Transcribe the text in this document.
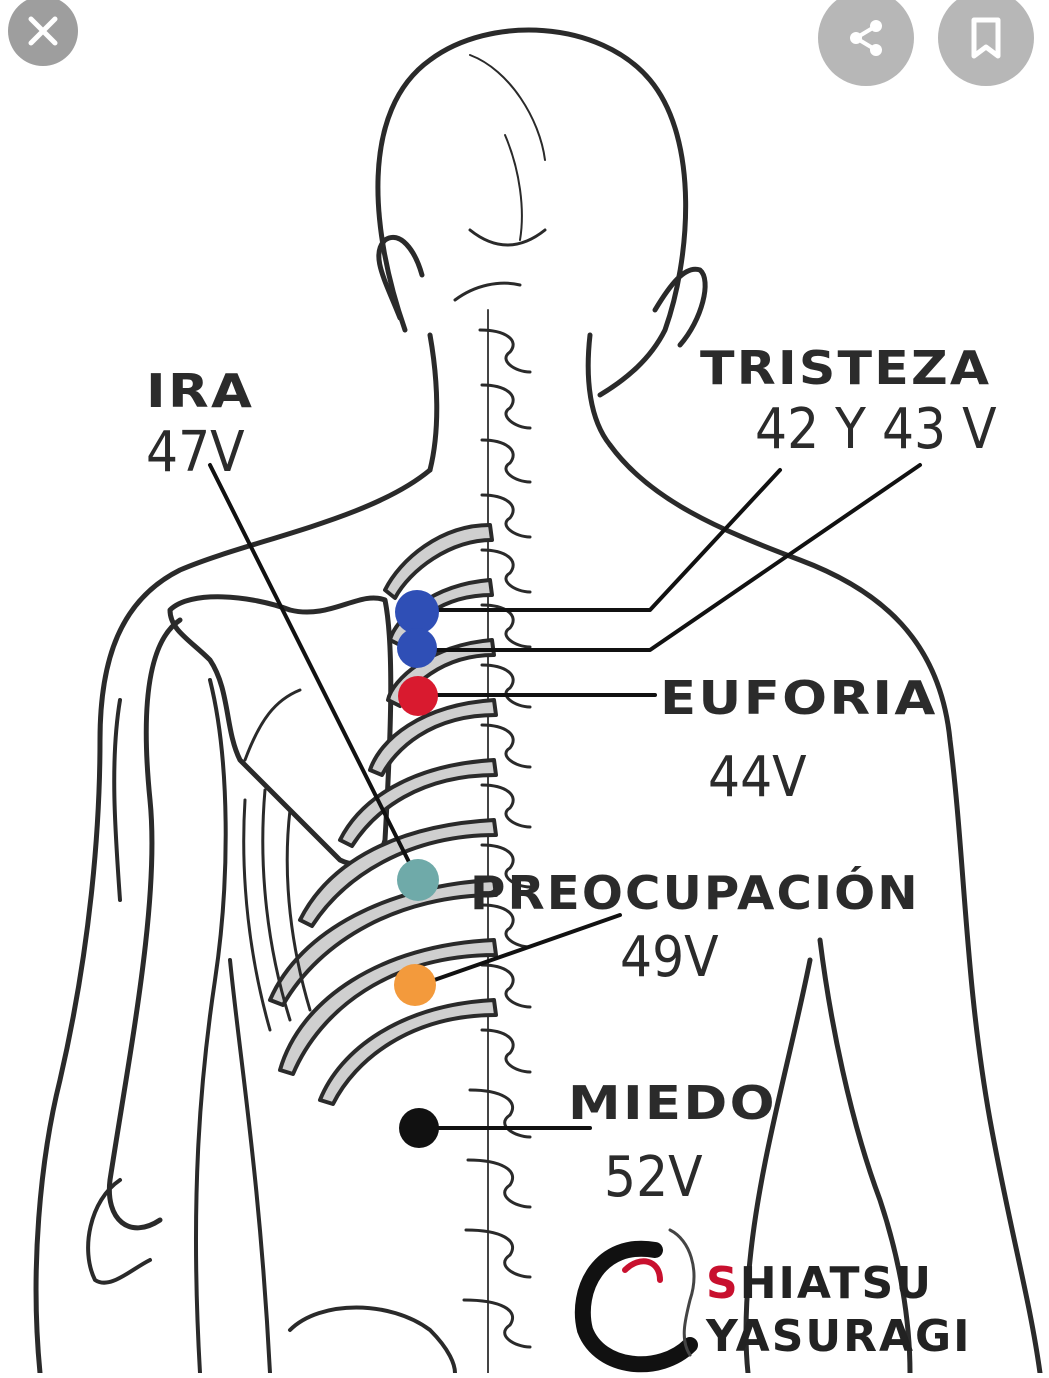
IRA
47V
TRISTEZA
42 Y 43 V
EUFORIA
44V
PREOCUPACIÓN
49V
MIEDO
52V
SHIATSU
YASURAGI
